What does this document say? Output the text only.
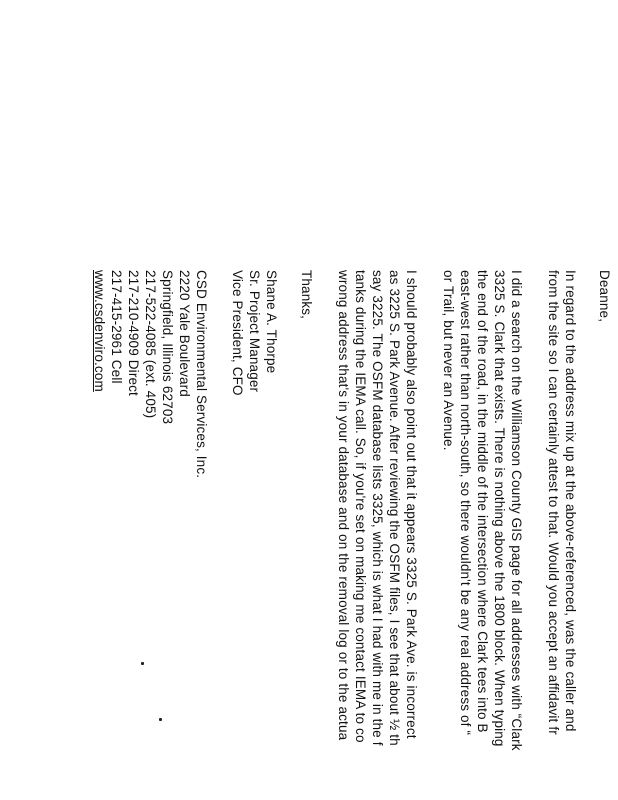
Deanne,
In regard to the address mix up at the above-referenced, was the caller and
from the site so I can certainly attest to that. Would you accept an affidavit fr
I did a search on the Williamson County GIS page for all addresses with “Clark
3325 S. Clark that exists. There is nothing above the 1800 block. When typing
the end of the road, in the middle of the intersection where Clark tees into B
east-west rather than north-south, so there wouldn't be any real address of “
or Trail, but never an Avenue.
I should probably also point out that it appears 3325 S. Park Ave. is incorrect
as 3225 S. Park Avenue. After reviewing the OSFM files, I see that about ½ th
say 3225. The OSFM database lists 3325, which is what I had with me in the f
tanks during the IEMA call. So, if you're set on making me contact IEMA to co
wrong address that's in your database and on the removal log or to the actua
Thanks,
Shane A. Thorpe
Sr. Project Manager
Vice President, CFO
CSD Environmental Services, Inc.
2220 Yale Boulevard
Springfield, Illinois 62703
217-522-4085 (ext. 405)
217-210-4909 Direct
217-415-2961 Cell
www.csdenviro.com
